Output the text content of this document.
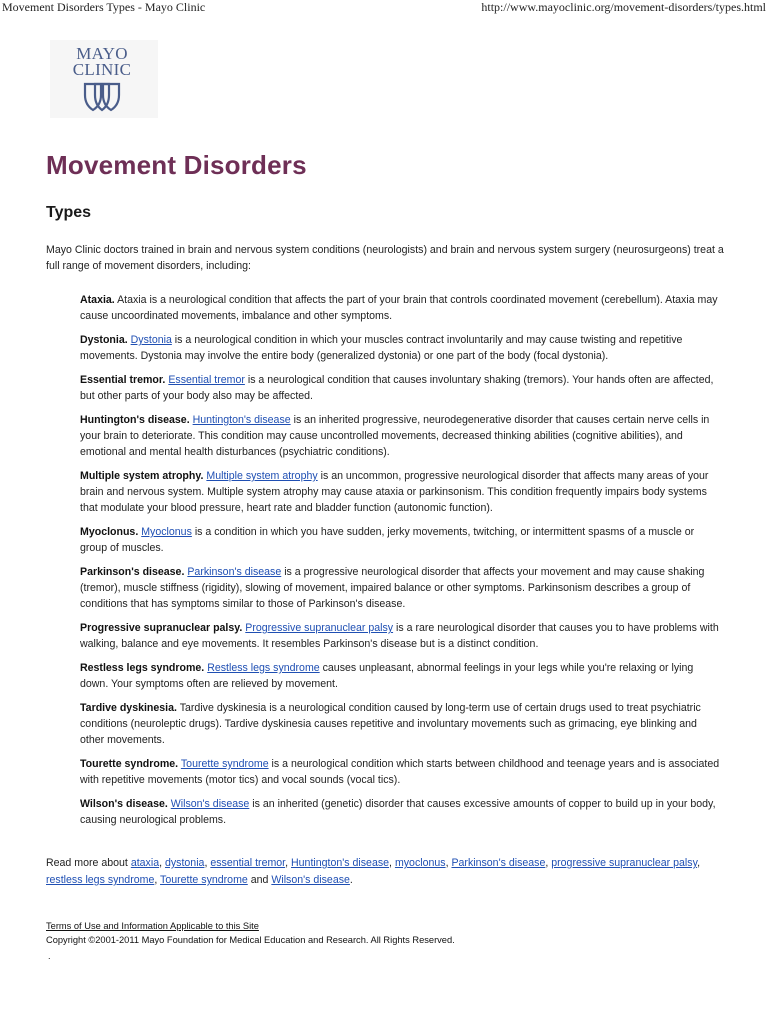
Movement Disorders Types - Mayo Clinic	http://www.mayoclinic.org/movement-disorders/types.html
MAYO
CLINIC
Movement Disorders
Types

Mayo Clinic doctors trained in brain and nervous system conditions (neurologists) and brain and nervous system surgery (neurosurgeons) treat a full range of movement disorders, including:

Ataxia. Ataxia is a neurological condition that affects the part of your brain that controls coordinated movement (cerebellum). Ataxia may cause uncoordinated movements, imbalance and other symptoms.

Dystonia. Dystonia is a neurological condition in which your muscles contract involuntarily and may cause twisting and repetitive movements. Dystonia may involve the entire body (generalized dystonia) or one part of the body (focal dystonia).

Essential tremor. Essential tremor is a neurological condition that causes involuntary shaking (tremors). Your hands often are affected, but other parts of your body also may be affected.

Huntington's disease. Huntington's disease is an inherited progressive, neurodegenerative disorder that causes certain nerve cells in your brain to deteriorate. This condition may cause uncontrolled movements, decreased thinking abilities (cognitive abilities), and emotional and mental health disturbances (psychiatric conditions).

Multiple system atrophy. Multiple system atrophy is an uncommon, progressive neurological disorder that affects many areas of your brain and nervous system. Multiple system atrophy may cause ataxia or parkinsonism. This condition frequently impairs body systems that modulate your blood pressure, heart rate and bladder function (autonomic function).

Myoclonus. Myoclonus is a condition in which you have sudden, jerky movements, twitching, or intermittent spasms of a muscle or group of muscles.

Parkinson's disease. Parkinson's disease is a progressive neurological disorder that affects your movement and may cause shaking (tremor), muscle stiffness (rigidity), slowing of movement, impaired balance or other symptoms. Parkinsonism describes a group of conditions that has symptoms similar to those of Parkinson's disease.

Progressive supranuclear palsy. Progressive supranuclear palsy is a rare neurological disorder that causes you to have problems with walking, balance and eye movements. It resembles Parkinson's disease but is a distinct condition.

Restless legs syndrome. Restless legs syndrome causes unpleasant, abnormal feelings in your legs while you're relaxing or lying down. Your symptoms often are relieved by movement.

Tardive dyskinesia. Tardive dyskinesia is a neurological condition caused by long-term use of certain drugs used to treat psychiatric conditions (neuroleptic drugs). Tardive dyskinesia causes repetitive and involuntary movements such as grimacing, eye blinking and other movements.

Tourette syndrome. Tourette syndrome is a neurological condition which starts between childhood and teenage years and is associated with repetitive movements (motor tics) and vocal sounds (vocal tics).

Wilson's disease. Wilson's disease is an inherited (genetic) disorder that causes excessive amounts of copper to build up in your body, causing neurological problems.

Read more about ataxia, dystonia, essential tremor, Huntington's disease, myoclonus, Parkinson's disease, progressive supranuclear palsy, restless legs syndrome, Tourette syndrome and Wilson's disease.

Terms of Use and Information Applicable to this Site
Copyright ©2001-2011 Mayo Foundation for Medical Education and Research. All Rights Reserved.
.
